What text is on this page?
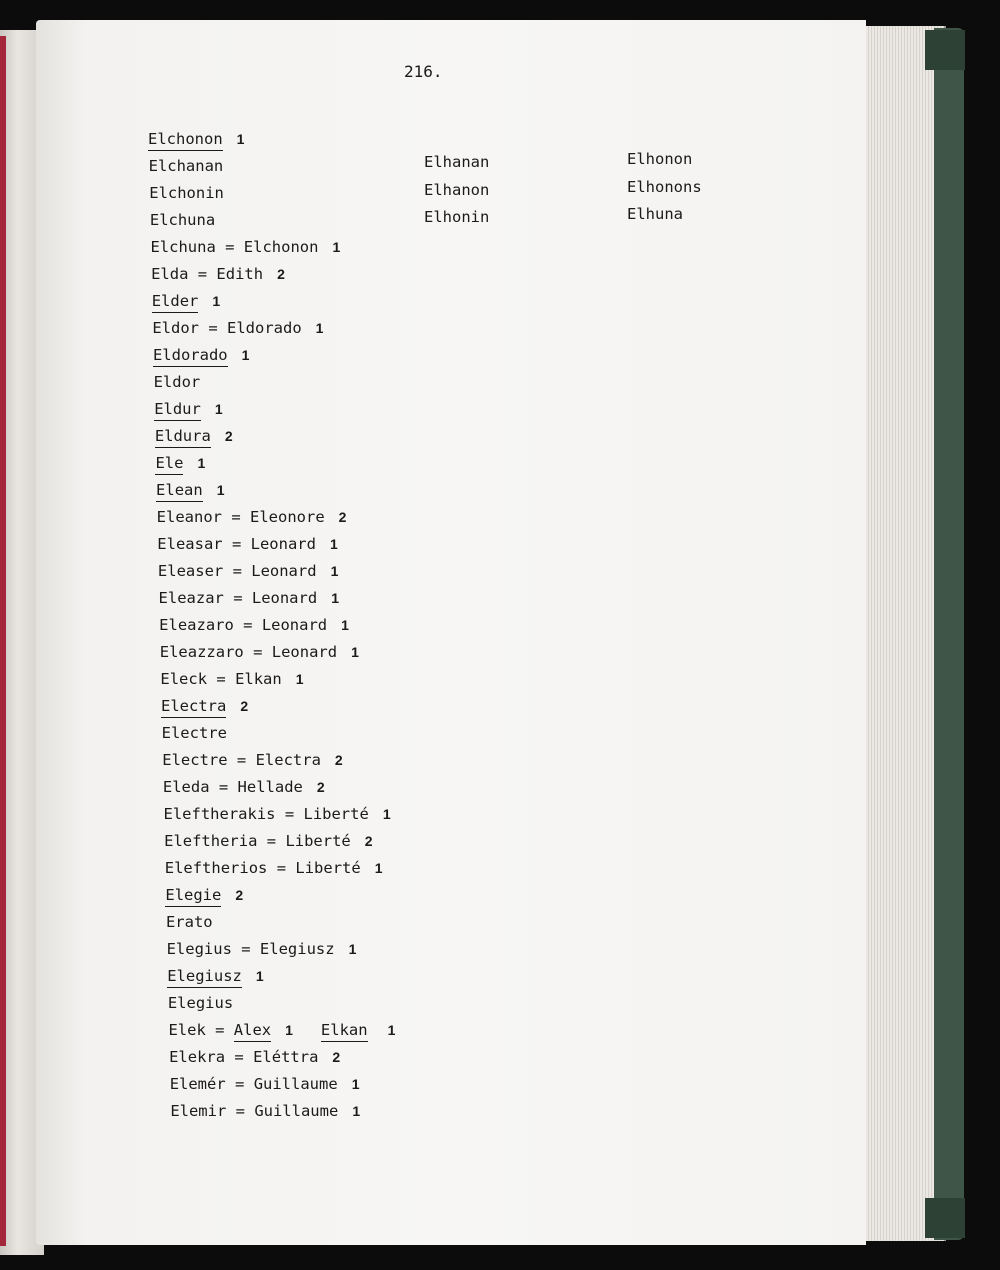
216.
Elchonon 1
Elchanan
Elchonin
Elchuna
Elchuna = Elchonon 1
Elda = Edith 2
Elder 1
Eldor = Eldorado 1
Eldorado 1
Eldor
Eldur 1
Eldura 2
Ele 1
Elean 1
Eleanor = Eleonore 2
Eleasar = Leonard 1
Eleaser = Leonard 1
Eleazar = Leonard 1
Eleazaro = Leonard 1
Eleazzaro = Leonard 1
Eleck = Elkan 1
Electra 2
Electre
Electre = Electra 2
Eleda = Hellade 2
Eleftherakis = Liberté 1
Eleftheria = Liberté 2
Eleftherios = Liberté 1
Elegie 2
Erato
Elegius = Elegiusz 1
Elegiusz 1
Elegius
Elek = Alex 1 Elkan 1
Elekra = Eléttra 2
Elemér = Guillaume 1
Elemir = Guillaume 1
Elhanan
Elhanon
Elhonin
Elhonon
Elhonons
Elhuna
